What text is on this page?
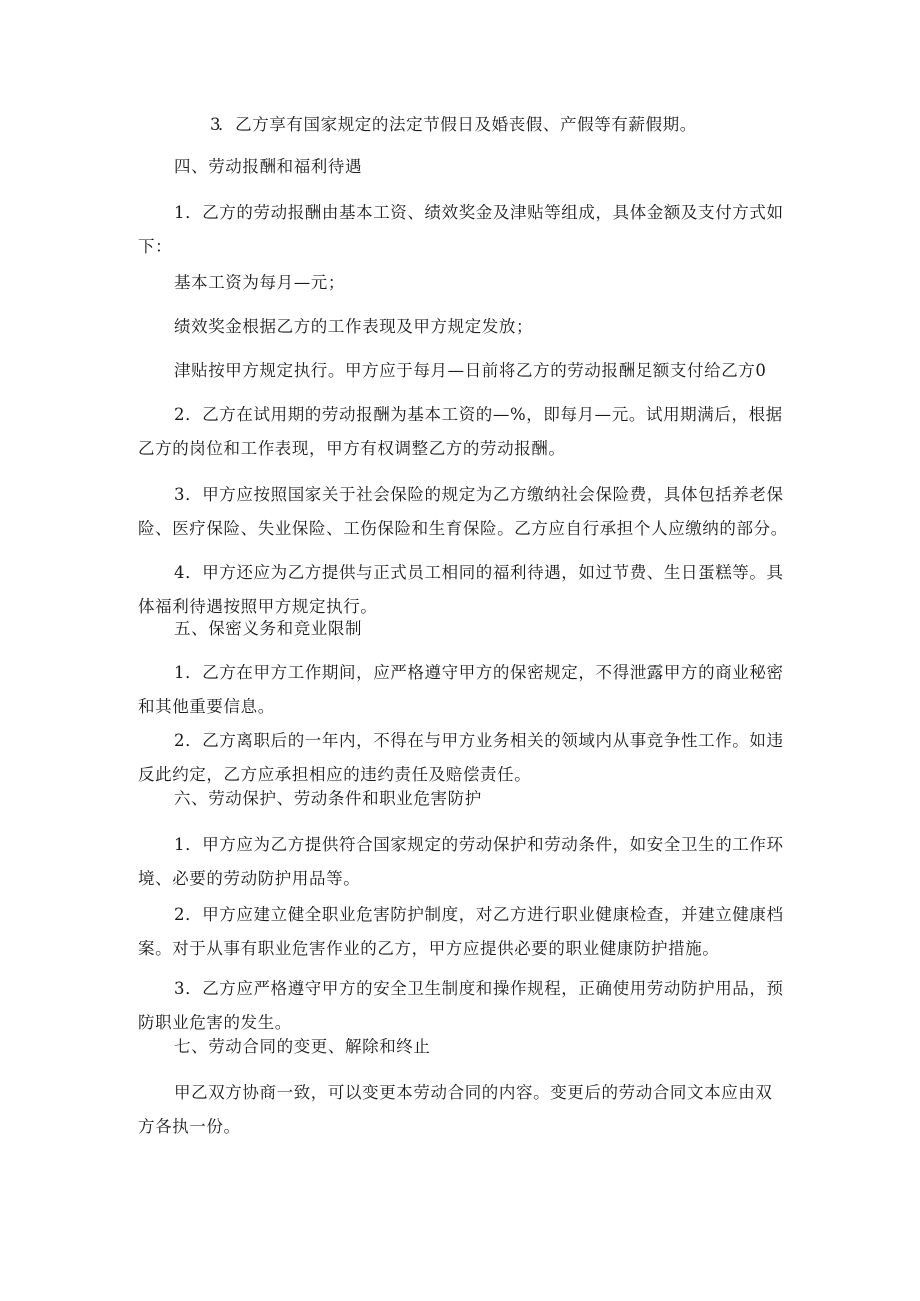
3．乙方享有国家规定的法定节假日及婚丧假、产假等有薪假期。

四、劳动报酬和福利待遇

1．乙方的劳动报酬由基本工资、绩效奖金及津贴等组成，具体金额及支付方式如下：

基本工资为每月—元；

绩效奖金根据乙方的工作表现及甲方规定发放；

津贴按甲方规定执行。甲方应于每月—日前将乙方的劳动报酬足额支付给乙方0

2．乙方在试用期的劳动报酬为基本工资的—%，即每月—元。试用期满后，根据乙方的岗位和工作表现，甲方有权调整乙方的劳动报酬。

3．甲方应按照国家关于社会保险的规定为乙方缴纳社会保险费，具体包括养老保险、医疗保险、失业保险、工伤保险和生育保险。乙方应自行承担个人应缴纳的部分。

4．甲方还应为乙方提供与正式员工相同的福利待遇，如过节费、生日蛋糕等。具体福利待遇按照甲方规定执行。

五、保密义务和竞业限制

1．乙方在甲方工作期间，应严格遵守甲方的保密规定，不得泄露甲方的商业秘密和其他重要信息。

2．乙方离职后的一年内，不得在与甲方业务相关的领域内从事竞争性工作。如违反此约定，乙方应承担相应的违约责任及赔偿责任。

六、劳动保护、劳动条件和职业危害防护

1．甲方应为乙方提供符合国家规定的劳动保护和劳动条件，如安全卫生的工作环境、必要的劳动防护用品等。

2．甲方应建立健全职业危害防护制度，对乙方进行职业健康检查，并建立健康档案。对于从事有职业危害作业的乙方，甲方应提供必要的职业健康防护措施。

3．乙方应严格遵守甲方的安全卫生制度和操作规程，正确使用劳动防护用品，预防职业危害的发生。

七、劳动合同的变更、解除和终止

甲乙双方协商一致，可以变更本劳动合同的内容。变更后的劳动合同文本应由双方各执一份。
